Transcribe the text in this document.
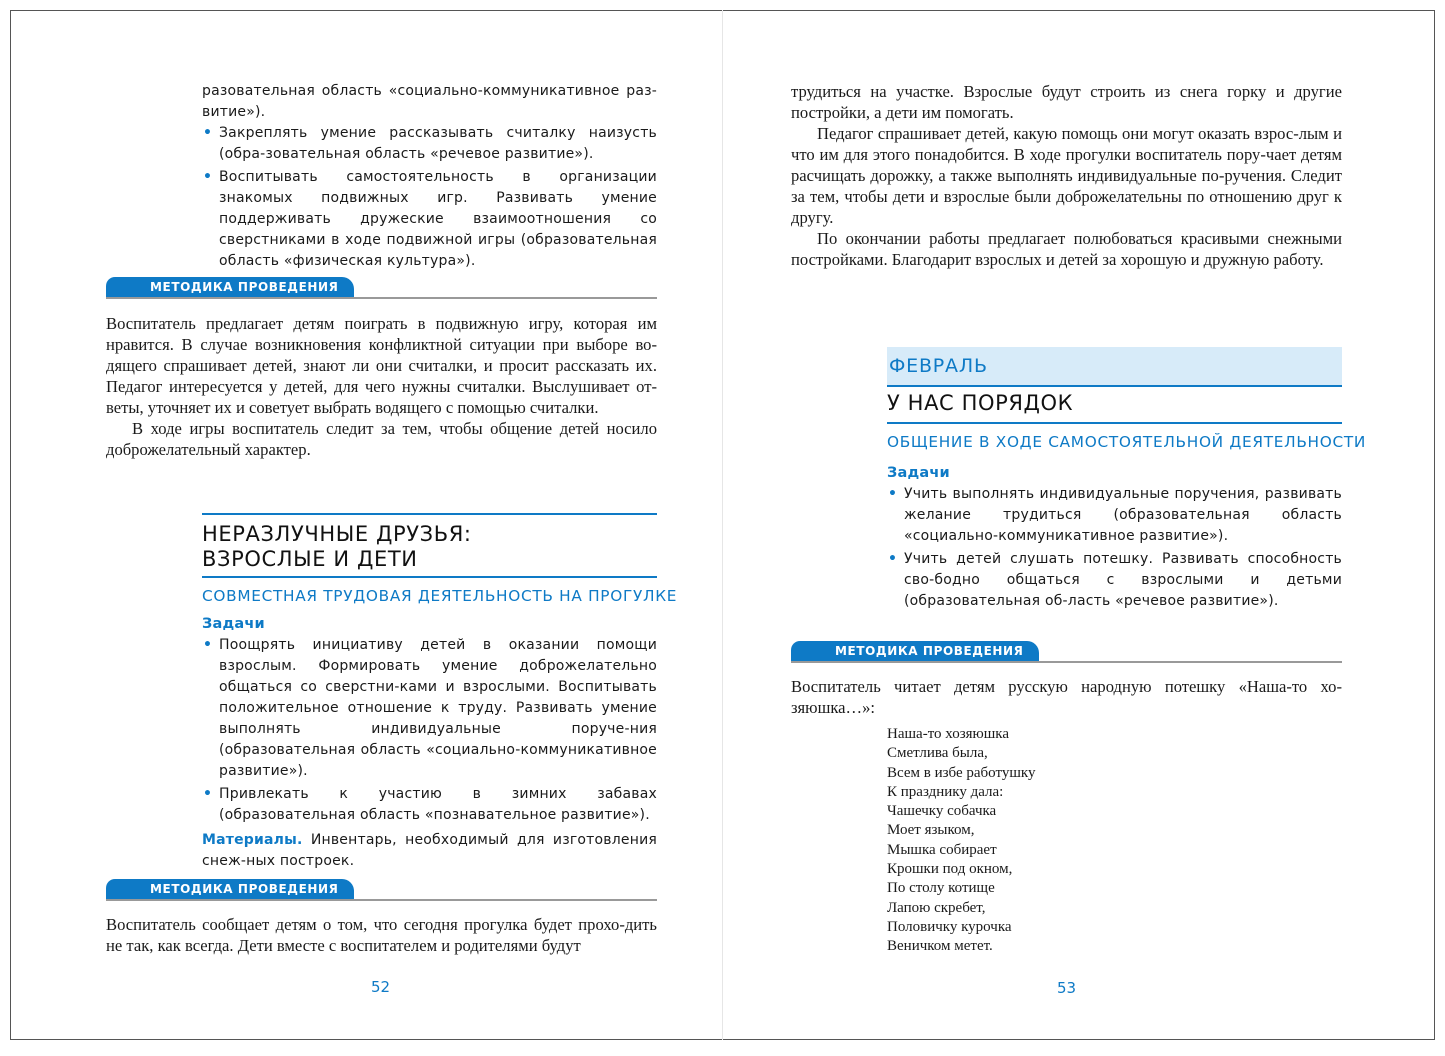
разовательная область «социально-коммуникативное раз-витие»).

• Закреплять умение рассказывать считалку наизусть (обра-зовательная область «речевое развитие»).

• Воспитывать самостоятельность в организации знакомых подвижных игр. Развивать умение поддерживать дружеские взаимоотношения со сверстниками в ходе подвижной игры (образовательная область «физическая культура»).

МЕТОДИКА ПРОВЕДЕНИЯ

Воспитатель предлагает детям поиграть в подвижную игру, которая им нравится. В случае возникновения конфликтной ситуации при выборе во-дящего спрашивает детей, знают ли они считалки, и просит рассказать их. Педагог интересуется у детей, для чего нужны считалки. Выслушивает от-веты, уточняет их и советует выбрать водящего с помощью считалки.

В ходе игры воспитатель следит за тем, чтобы общение детей носило доброжелательный характер.

НЕРАЗЛУЧНЫЕ ДРУЗЬЯ:
ВЗРОСЛЫЕ И ДЕТИ
СОВМЕСТНАЯ ТРУДОВАЯ ДЕЯТЕЛЬНОСТЬ НА ПРОГУЛКЕ
Задачи

• Поощрять инициативу детей в оказании помощи взрослым. Формировать умение доброжелательно общаться со сверстни-ками и взрослыми. Воспитывать положительное отношение к труду. Развивать умение выполнять индивидуальные поруче-ния (образовательная область «социально-коммуникативное развитие»).

• Привлекать к участию в зимних забавах (образовательная область «познавательное развитие»).

Материалы. Инвентарь, необходимый для изготовления снеж-ных построек.

МЕТОДИКА ПРОВЕДЕНИЯ

Воспитатель сообщает детям о том, что сегодня прогулка будет прохо-дить не так, как всегда. Дети вместе с воспитателем и родителями будут

52

трудиться на участке. Взрослые будут строить из снега горку и другие постройки, а дети им помогать.

Педагог спрашивает детей, какую помощь они могут оказать взрос-лым и что им для этого понадобится. В ходе прогулки воспитатель пору-чает детям расчищать дорожку, а также выполнять индивидуальные по-ручения. Следит за тем, чтобы дети и взрослые были доброжелательны по отношению друг к другу.

По окончании работы предлагает полюбоваться красивыми снежными постройками. Благодарит взрослых и детей за хорошую и дружную работу.

ФЕВРАЛЬ
У НАС ПОРЯДОК
ОБЩЕНИЕ В ХОДЕ САМОСТОЯТЕЛЬНОЙ ДЕЯТЕЛЬНОСТИ
Задачи

• Учить выполнять индивидуальные поручения, развивать желание трудиться (образовательная область «социально-коммуникативное развитие»).

• Учить детей слушать потешку. Развивать способность сво-бодно общаться с взрослыми и детьми (образовательная об-ласть «речевое развитие»).

МЕТОДИКА ПРОВЕДЕНИЯ

Воспитатель читает детям русскую народную потешку «Наша-то хо-зяюшка…»:

Наша-то хозяюшка
Сметлива была,
Всем в избе работушку
К празднику дала:
Чашечку собачка
Моет языком,
Мышка собирает
Крошки под окном,
По столу котище
Лапою скребет,
Половичку курочка
Веничком метет.
53
